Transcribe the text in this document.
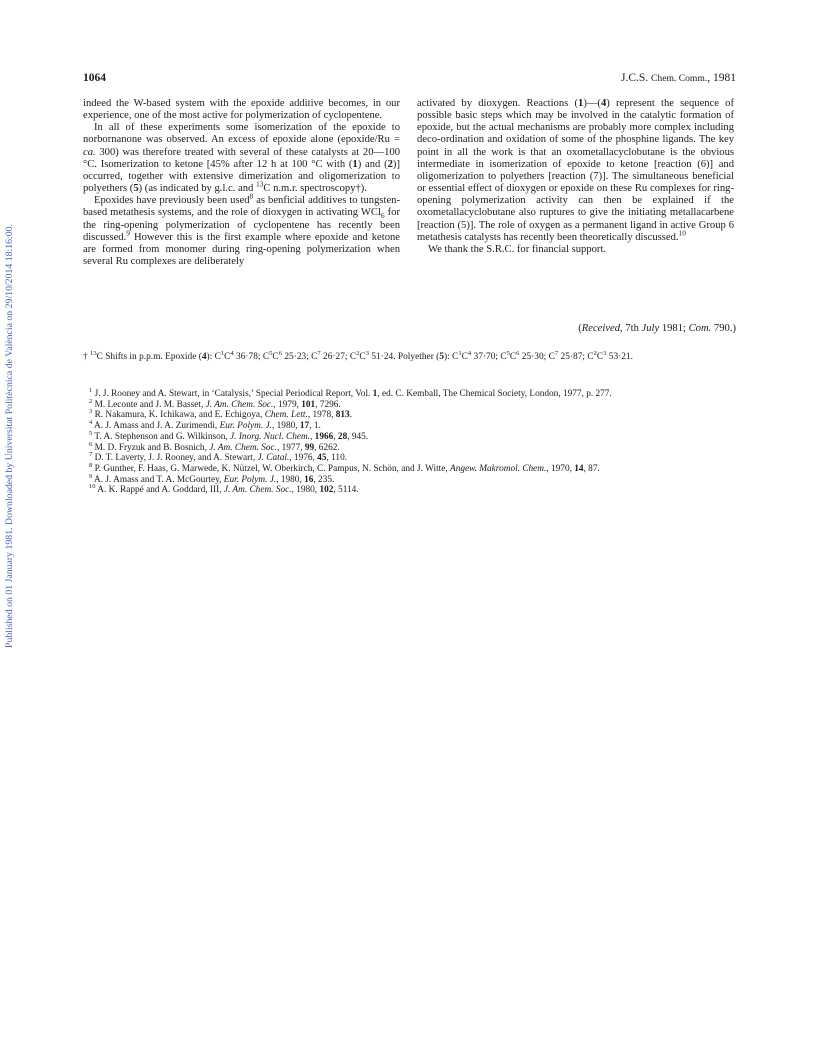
Published on 01 January 1981. Downloaded by Universitat Politècnica de València on 29/10/2014 18:16:00.
1064	J.C.S. Chem. Comm., 1981

indeed the W-based system with the epoxide additive becomes, in our experience, one of the most active for polymerization of cyclopentene.

In all of these experiments some isomerization of the epoxide to norbornanone was observed. An excess of epoxide alone (epoxide/Ru = ca. 300) was therefore treated with several of these catalysts at 20—100 °C. Isomerization to ketone [45% after 12 h at 100 °C with (1) and (2)] occurred, together with extensive dimerization and oligomerization to polyethers (5) (as indicated by g.l.c. and $^{13}$C n.m.r. spectroscopy†).

Epoxides have previously been used$^8$ as benficial additives to tungsten-based metathesis systems, and the role of dioxygen in activating WCl$_6$ for the ring-opening polymerization of cyclopentene has recently been discussed.$^9$ However this is the first example where epoxide and ketone are formed from monomer during ring-opening polymerization when several Ru complexes are deliberately

activated by dioxygen. Reactions (1)—(4) represent the sequence of possible basic steps which may be involved in the catalytic formation of epoxide, but the actual mechanisms are probably more complex including deco-ordination and oxidation of some of the phosphine ligands. The key point in all the work is that an oxometallacyclobutane is the obvious intermediate in isomerization of epoxide to ketone [reaction (6)] and oligomerization to polyethers [reaction (7)]. The simultaneous beneficial or essential effect of dioxygen or epoxide on these Ru complexes for ring-opening polymerization activity can then be explained if the oxometallacyclobutane also ruptures to give the initiating metallacarbene [reaction (5)]. The role of oxygen as a permanent ligand in active Group 6 metathesis catalysts has recently been theoretically discussed.$^{10}$

We thank the S.R.C. for financial support.

(Received, 7th July 1981; Com. 790.)
† $^{13}$C Shifts in p.p.m. Epoxide (4): $C^1C^4$ 36·78; $C^5C^6$ 25·23; $C^7$ 26·27; $C^2C^3$ 51·24. Polyether (5): $C^1C^4$ 37·70; $C^5C^6$ 25·30; $C^7$ 25·87; $C^2C^3$ 53·21.

$^1$ J. J. Rooney and A. Stewart, in ‘Catalysis,’ Special Periodical Report, Vol. 1, ed. C. Kemball, The Chemical Society, London, 1977, p. 277.

$^2$ M. Leconte and J. M. Basset, J. Am. Chem. Soc., 1979, 101, 7296.

$^3$ R. Nakamura, K. Ichikawa, and E. Echigoya, Chem. Lett., 1978, 813.

$^4$ A. J. Amass and J. A. Zurimendi, Eur. Polym. J., 1980, 17, 1.

$^5$ T. A. Stephenson and G. Wilkinson, J. Inorg. Nucl. Chem., 1966, 28, 945.

$^6$ M. D. Fryzuk and B. Bosnich, J. Am. Chem. Soc., 1977, 99, 6262.

$^7$ D. T. Laverty, J. J. Rooney, and A. Stewart, J. Catal., 1976, 45, 110.

$^8$ P. Gunther, F. Haas, G. Marwede, K. Nützel, W. Oberkirch, C. Pampus, N. Schön, and J. Witte, Angew. Makromol. Chem., 1970, 14, 87.

$^9$ A. J. Amass and T. A. McGourtey, Eur. Polym. J., 1980, 16, 235.

$^{10}$ A. K. Rappé and A. Goddard, III, J. Am. Chem. Soc., 1980, 102, 5114.
